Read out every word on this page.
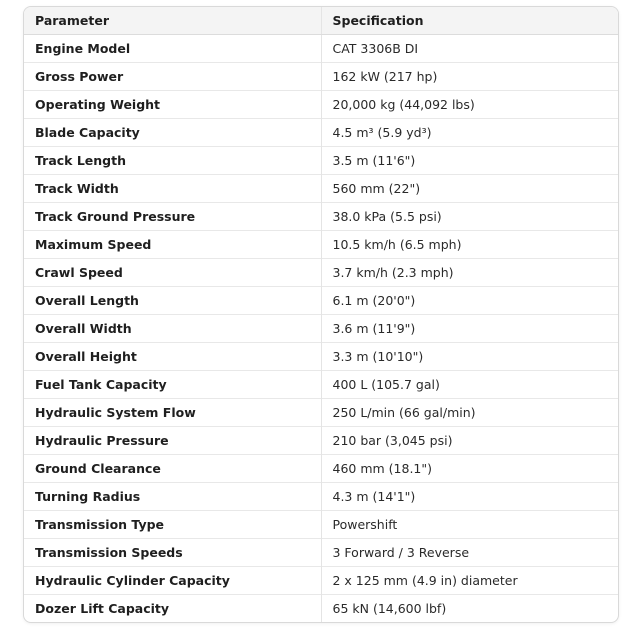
Parameter	Specification
Engine Model	CAT 3306B DI
Gross Power	162 kW (217 hp)
Operating Weight	20,000 kg (44,092 lbs)
Blade Capacity	4.5 m³ (5.9 yd³)
Track Length	3.5 m (11'6")
Track Width	560 mm (22")
Track Ground Pressure	38.0 kPa (5.5 psi)
Maximum Speed	10.5 km/h (6.5 mph)
Crawl Speed	3.7 km/h (2.3 mph)
Overall Length	6.1 m (20'0")
Overall Width	3.6 m (11'9")
Overall Height	3.3 m (10'10")
Fuel Tank Capacity	400 L (105.7 gal)
Hydraulic System Flow	250 L/min (66 gal/min)
Hydraulic Pressure	210 bar (3,045 psi)
Ground Clearance	460 mm (18.1")
Turning Radius	4.3 m (14'1")
Transmission Type	Powershift
Transmission Speeds	3 Forward / 3 Reverse
Hydraulic Cylinder Capacity	2 x 125 mm (4.9 in) diameter
Dozer Lift Capacity	65 kN (14,600 lbf)
